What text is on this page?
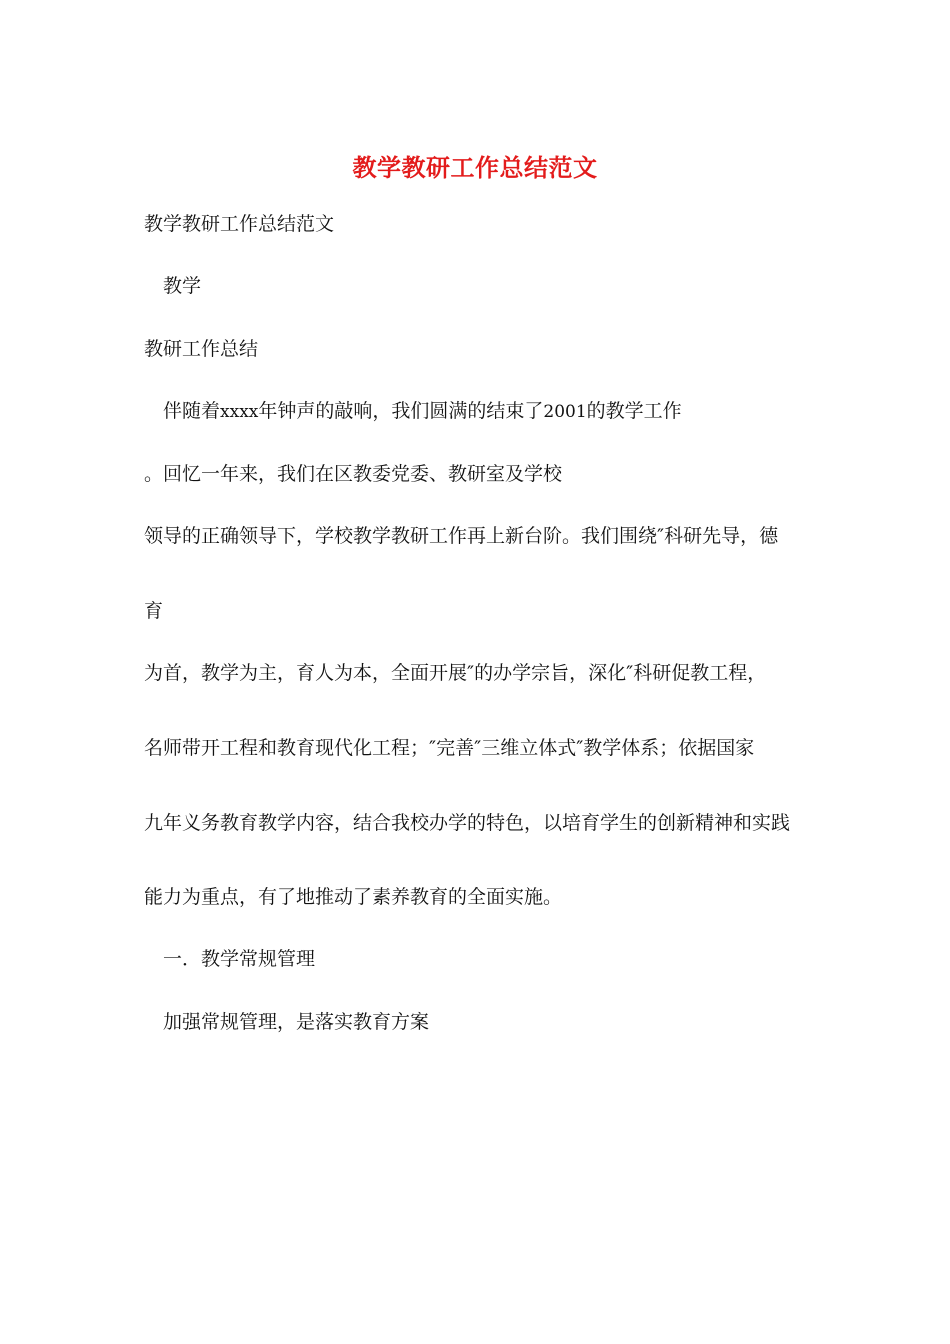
教学教研工作总结范文
教学教研工作总结范文
教学
教研工作总结
伴随着xxxx年钟声的敲响，我们圆满的结束了2001的教学工作
。回忆一年来，我们在区教委党委、教研室及学校
领导的正确领导下，学校教学教研工作再上新台阶。我们围绕″科研先导，德
育
为首，教学为主，育人为本，全面开展″的办学宗旨，深化″科研促教工程，
名师带开工程和教育现代化工程；″完善″三维立体式″教学体系；依据国家
九年义务教育教学内容，结合我校办学的特色，以培育学生的创新精神和实践
能力为重点，有了地推动了素养教育的全面实施。
一．教学常规管理
加强常规管理，是落实教育方案
